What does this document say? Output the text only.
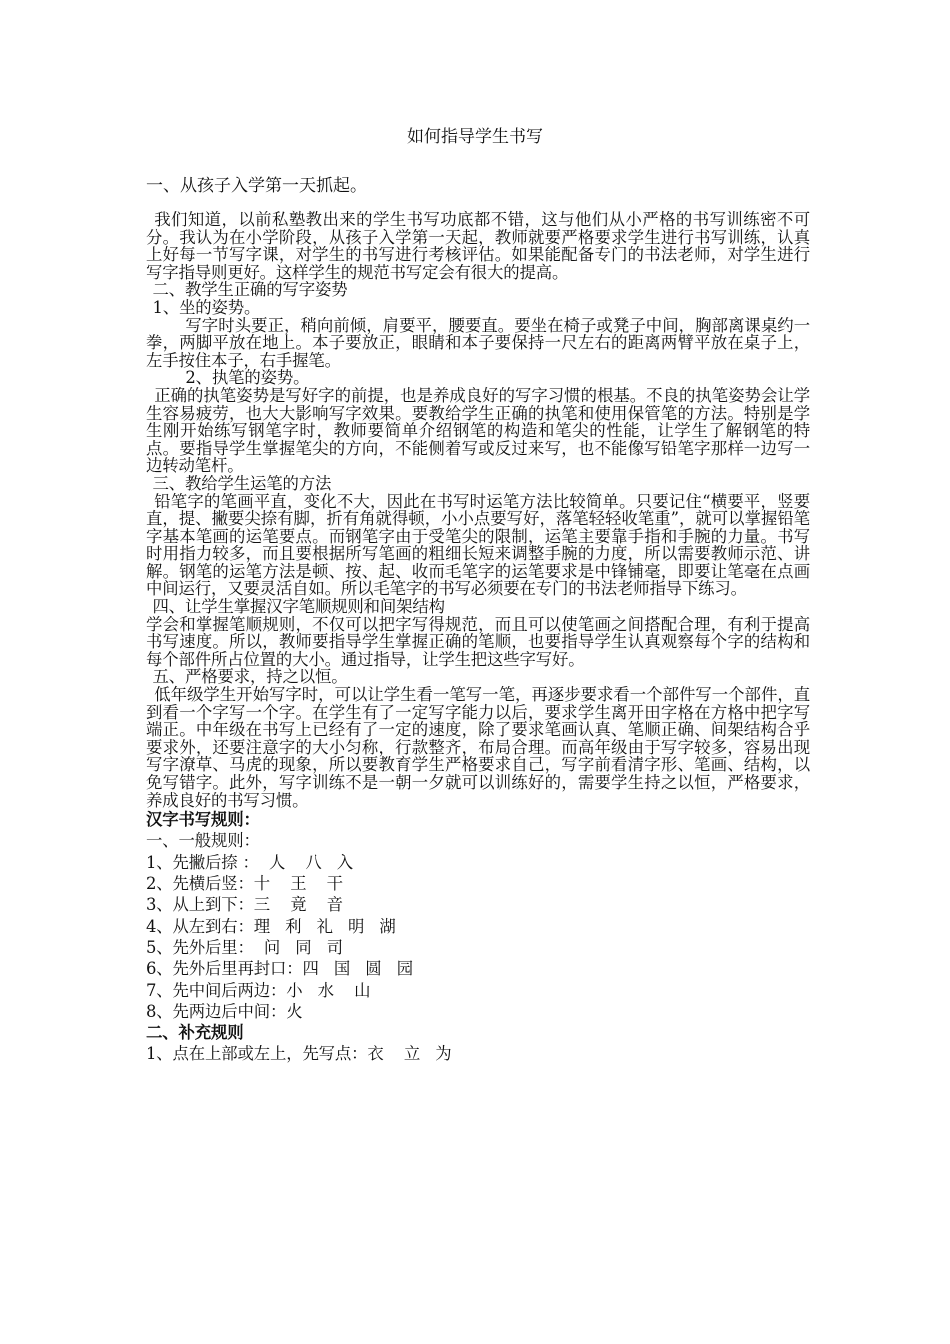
如何指导学生书写
一、从孩子入学第一天抓起。

我们知道，以前私塾教出来的学生书写功底都不错，这与他们从小严格的书写训练密不可分。我认为在小学阶段，从孩子入学第一天起，教师就要严格要求学生进行书写训练，认真上好每一节写字课，对学生的书写进行考核评估。如果能配备专门的书法老师，对学生进行写字指导则更好。这样学生的规范书写定会有很大的提高。

二、教学生正确的写字姿势

1、坐的姿势。

写字时头要正，稍向前倾，肩要平，腰要直。要坐在椅子或凳子中间，胸部离课桌约一拳，两脚平放在地上。本子要放正，眼睛和本子要保持一尺左右的距离两臂平放在桌子上，左手按住本子，右手握笔。

2、执笔的姿势。

正确的执笔姿势是写好字的前提，也是养成良好的写字习惯的根基。不良的执笔姿势会让学生容易疲劳，也大大影响写字效果。要教给学生正确的执笔和使用保管笔的方法。特别是学生刚开始练写钢笔字时，教师要简单介绍钢笔的构造和笔尖的性能，让学生了解钢笔的特点。要指导学生掌握笔尖的方向，不能侧着写或反过来写，也不能像写铅笔字那样一边写一边转动笔杆。

三、教给学生运笔的方法

铅笔字的笔画平直，变化不大，因此在书写时运笔方法比较简单。只要记住“横要平，竖要直，提、撇要尖捺有脚，折有角就得顿，小小点要写好，落笔轻轻收笔重”，就可以掌握铅笔字基本笔画的运笔要点。而钢笔字由于受笔尖的限制，运笔主要靠手指和手腕的力量。书写时用指力较多，而且要根据所写笔画的粗细长短来调整手腕的力度，所以需要教师示范、讲解。钢笔的运笔方法是顿、按、起、收而毛笔字的运笔要求是中锋铺毫，即要让笔毫在点画中间运行，又要灵活自如。所以毛笔字的书写必须要在专门的书法老师指导下练习。

四、让学生掌握汉字笔顺规则和间架结构

学会和掌握笔顺规则，不仅可以把字写得规范，而且可以使笔画之间搭配合理，有利于提高书写速度。所以，教师要指导学生掌握正确的笔顺，也要指导学生认真观察每个字的结构和每个部件所占位置的大小。通过指导，让学生把这些字写好。

五、严格要求，持之以恒。

低年级学生开始写字时，可以让学生看一笔写一笔，再逐步要求看一个部件写一个部件，直到看一个字写一个字。在学生有了一定写字能力以后，要求学生离开田字格在方格中把字写端正。中年级在书写上已经有了一定的速度，除了要求笔画认真、笔顺正确、间架结构合乎要求外，还要注意字的大小匀称，行款整齐，布局合理。而高年级由于写字较多，容易出现写字潦草、马虎的现象，所以要教育学生严格要求自己，写字前看清字形、笔画、结构，以免写错字。此外，写字训练不是一朝一夕就可以训练好的，需要学生持之以恒，严格要求，养成良好的书写习惯。

汉字书写规则：

一、一般规则：

1、先撇后捺 ：  人    八   入

2、先横后竖：十    王    干

3、从上到下：三    竟    音

4、从左到右：理   利   礼   明   湖

5、先外后里：  问   同   司

6、先外后里再封口：四   国   圆   园

7、先中间后两边：小   水    山

8、先两边后中间：火

二、补充规则

1、点在上部或左上，先写点：衣    立   为
